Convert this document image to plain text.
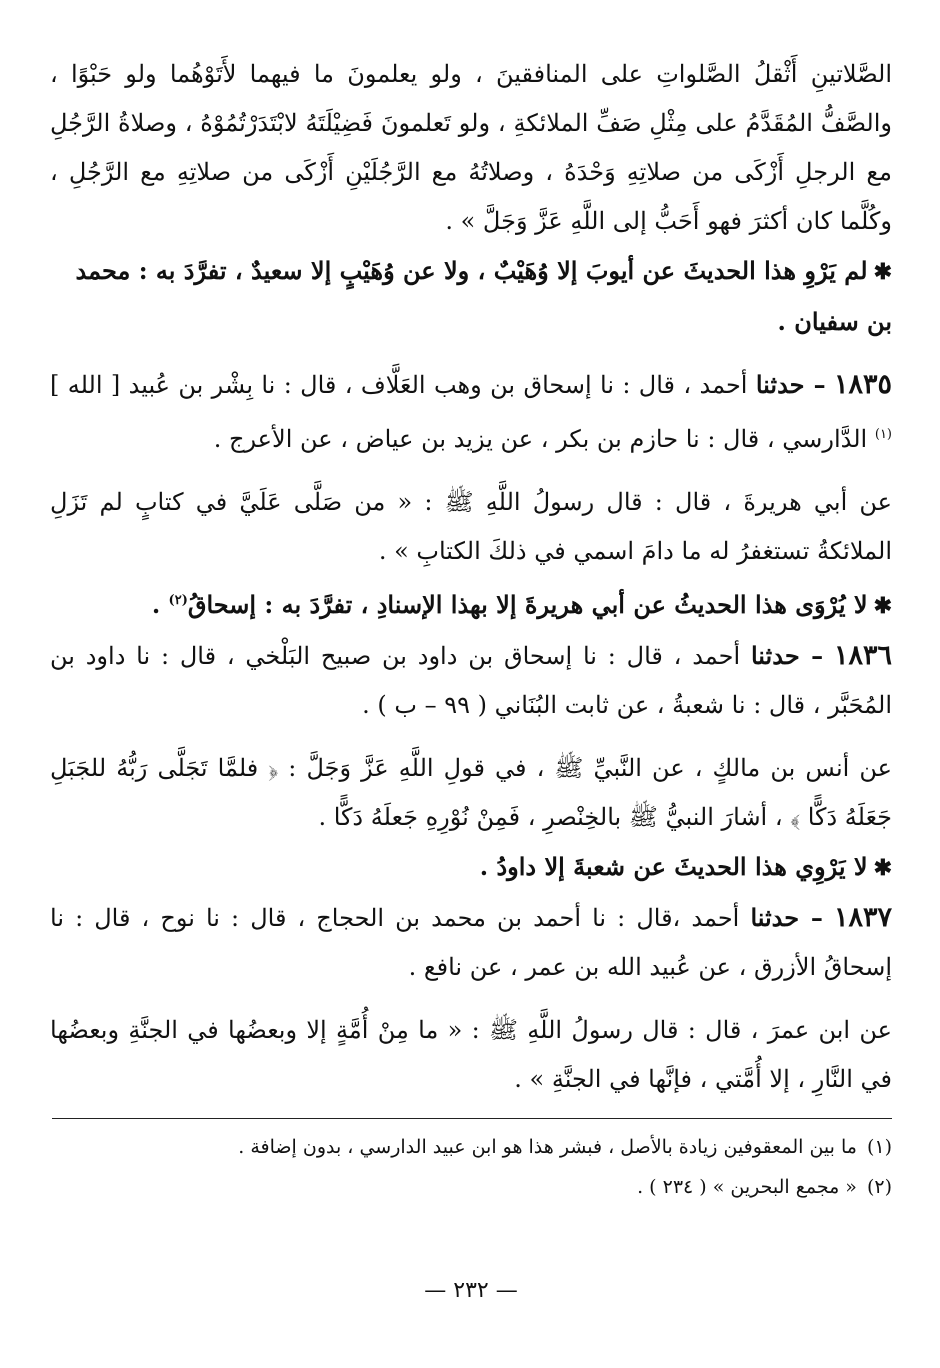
الصَّلاتينِ أَثْقلُ الصَّلواتِ على المنافقينَ ، ولو يعلمونَ ما فيهما لأَتَوْهُما ولو حَبْوًا ، والصَّفُّ المُقَدَّمُ على مِثْلِ صَفِّ الملائكةِ ، ولو تَعلمونَ فَضِيْلَتَهُ لابْتَدَرْتُمُوْهُ ، وصلاةُ الرَّجُلِ مع الرجلِ أَزْكَى من صلاتِهِ وَحْدَهُ ، وصلاتُهُ مع الرَّجُلَيْنِ أَزْكَى من صلاتِهِ مع الرَّجُلِ ، وكُلَّما كان أكثرَ فهو أَحَبُّ إلى اللَّهِ عَزَّ وَجَلَّ » .

✱لم يَرْوِ هذا الحديثَ عن أيوبَ إلا وُهَيْبٌ ، ولا عن وُهَيْبٍ إلا سعيدٌ ، تفرَّدَ به : محمد بن سفيان .

١٨٣٥ – حدثنا أحمد ، قال : نا إسحاق بن وهب العَلَّاف ، قال : نا بِشْر بن عُبيد [ الله ]$^{(١)}$ الدَّارسي ، قال : نا حازم بن بكر ، عن يزيد بن عياض ، عن الأعرج .

عن أبي هريرةَ ، قال : قال رسولُ اللَّهِ ﷺ : « من صَلَّى عَلَيَّ في كتابٍ لم تَزَلِ الملائكةُ تستغفرُ له ما دامَ اسمي في ذلكَ الكتابِ » .

✱لا يُرْوَى هذا الحديثُ عن أبي هريرةَ إلا بهذا الإسنادِ ، تفرَّدَ به : إسحاقُ$^{(٢)}$ .

١٨٣٦ – حدثنا أحمد ، قال : نا إسحاق بن داود بن صبيح البَلْخي ، قال : نا داود بن المُحَبَّر ، قال : نا شعبةُ ، عن ثابت البُنَاني ( ٩٩ – ب ) .

عن أنس بن مالكٍ ، عن النَّبيِّ ﷺ ، في قولِ اللَّهِ عَزَّ وَجَلَّ : ﴿ فلمَّا تَجَلَّى رَبُّهُ للجَبَلِ جَعَلَهُ دَكًّا ﴾ ، أشارَ النبيُّ ﷺ بالخِنْصرِ ، فَمِنْ نُوْرِهِ جَعلَهُ دَكًّا .

✱لا يَرْوِي هذا الحديثَ عن شعبةَ إلا داودُ .

١٨٣٧ – حدثنا أحمد ،قال : نا أحمد بن محمد بن الحجاج ، قال : نا نوح ، قال : نا إسحاقُ الأزرق ، عن عُبيد الله بن عمر ، عن نافع .

عن ابن عمرَ ، قال : قال رسولُ اللَّهِ ﷺ : « ما مِنْ أُمَّةٍ إلا وبعضُها في الجنَّةِ وبعضُها في النَّارِ ، إلا أُمَّتي ، فإنَّها في الجنَّةِ » .

(١)ما بين المعقوفين زيادة بالأصل ، فبشر هذا هو ابن عبيد الدارسي ، بدون إضافة .

(٢)« مجمع البحرين » ( ٢٣٤ ) .

— ٢٣٢ —
